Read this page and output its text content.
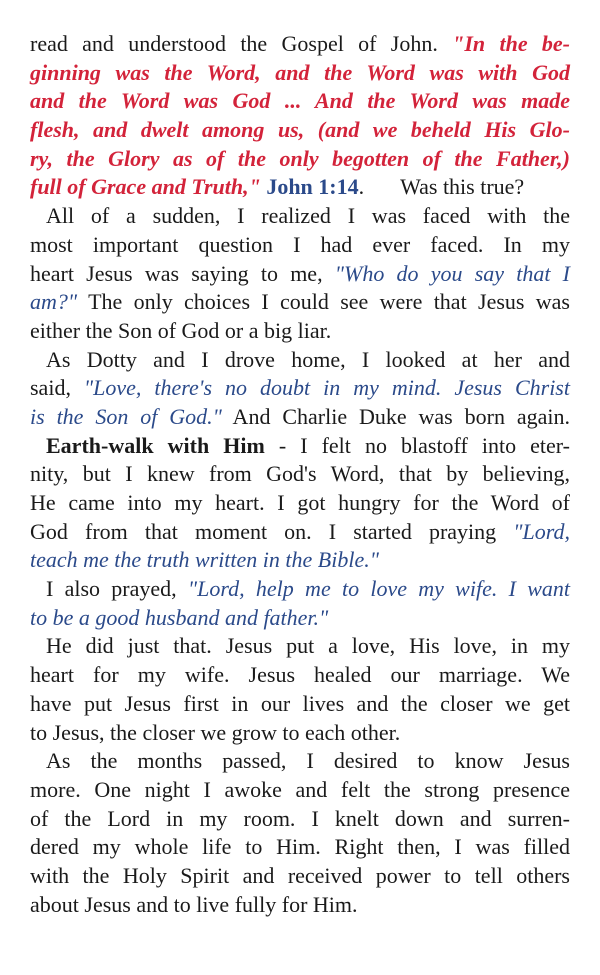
read and understood the Gospel of John. "In the be-
ginning was the Word, and the Word was with God
and the Word was God ... And the Word was made
flesh, and dwelt among us, (and we beheld His Glo-
ry, the Glory as of the only begotten of the Father,)
full of Grace and Truth," John 1:14. Was this true?
All of a sudden, I realized I was faced with the
most important question I had ever faced. In my
heart Jesus was saying to me, "Who do you say that I
am?" The only choices I could see were that Jesus was
either the Son of God or a big liar.
As Dotty and I drove home, I looked at her and
said, "Love, there's no doubt in my mind. Jesus Christ
is the Son of God." And Charlie Duke was born again.
Earth-walk with Him - I felt no blastoff into eter-
nity, but I knew from God's Word, that by believing,
He came into my heart. I got hungry for the Word of
God from that moment on. I started praying "Lord,
teach me the truth written in the Bible."
I also prayed, "Lord, help me to love my wife. I want
to be a good husband and father."
He did just that. Jesus put a love, His love, in my
heart for my wife. Jesus healed our marriage. We
have put Jesus first in our lives and the closer we get
to Jesus, the closer we grow to each other.
As the months passed, I desired to know Jesus
more. One night I awoke and felt the strong presence
of the Lord in my room. I knelt down and surren-
dered my whole life to Him. Right then, I was filled
with the Holy Spirit and received power to tell others
about Jesus and to live fully for Him.
